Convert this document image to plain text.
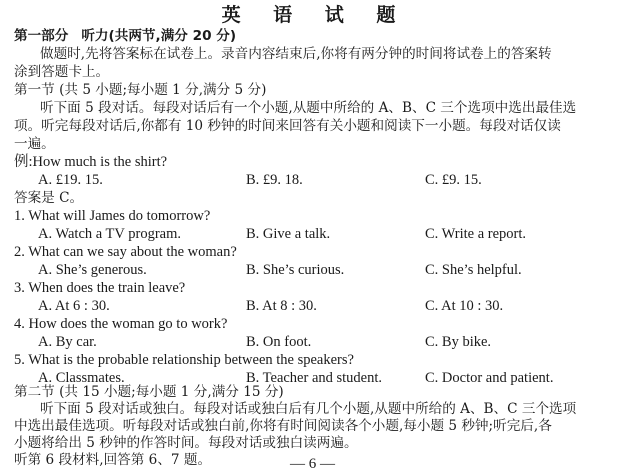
英 语 试 题
第一部分 听力(共两节,满分 20 分)
做题时,先将答案标在试卷上。录音内容结束后,你将有两分钟的时间将试卷上的答案转
涂到答题卡上。
第一节 (共 5 小题;每小题 1 分,满分 5 分)
听下面 5 段对话。每段对话后有一个小题,从题中所给的 A、B、C 三个选项中选出最佳选
项。听完每段对话后,你都有 10 秒钟的时间来回答有关小题和阅读下一小题。每段对话仅读
一遍。
例:How much is the shirt?
A. £19. 15.	B. £9. 18.	C. £9. 15.
答案是 C。
1. What will James do tomorrow?
A. Watch a TV program.	B. Give a talk.	C. Write a report.
2. What can we say about the woman?
A. She’s generous.	B. She’s curious.	C. She’s helpful.
3. When does the train leave?
A. At 6 : 30.	B. At 8 : 30.	C. At 10 : 30.
4. How does the woman go to work?
A. By car.	B. On foot.	C. By bike.
5. What is the probable relationship between the speakers?
A. Classmates.	B. Teacher and student.	C. Doctor and patient.
第二节 (共 15 小题;每小题 1 分,满分 15 分)
听下面 5 段对话或独白。每段对话或独白后有几个小题,从题中所给的 A、B、C 三个选项
中选出最佳选项。听每段对话或独白前,你将有时间阅读各个小题,每小题 5 秒钟;听完后,各
小题将给出 5 秒钟的作答时间。每段对话或独白读两遍。
听第 6 段材料,回答第 6、7 题。	— 6 —
